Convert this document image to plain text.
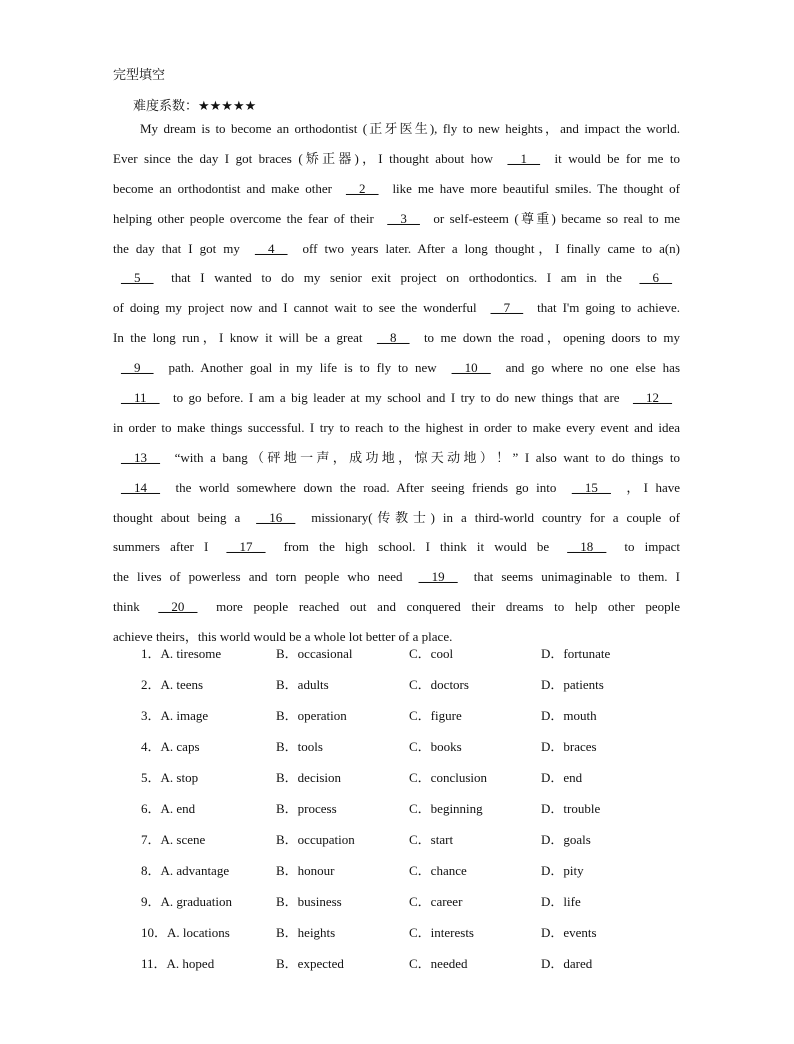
完型填空
难度系数：★★★★★
My dream is to become an orthodontist (正牙医生), fly to new heights，and impact the world.
Ever since the day I got braces (矫正器)，I thought about how __1__ it would be for me to
become an orthodontist and make other __2__ like me have more beautiful smiles. The thought of
helping other people overcome the fear of their __3__ or self-esteem (尊重) became so real to me
the day that I got my __4__ off two years later. After a long thought，I finally came to a(n)
__5__ that I wanted to do my senior exit project on orthodontics. I am in the __6__
of doing my project now and I cannot wait to see the wonderful __7__ that I'm going to achieve.
In the long run，I know it will be a great __8__ to me down the road，opening doors to my
__9__ path. Another goal in my life is to fly to new __10__ and go where no one else has
__11__ to go before. I am a big leader at my school and I try to do new things that are __12__
in order to make things successful. I try to reach to the highest in order to make every event and idea
__13__ “with a bang（砰地一声，成功地，惊天动地）！” I also want to do things to
__14__ the world somewhere down the road. After seeing friends go into __15__ ，I have
thought about being a __16__ missionary(传教士) in a third-world country for a couple of
summers after I __17__ from the high school. I think it would be __18__ to impact
the lives of powerless and torn people who need __19__ that seems unimaginable to them. I
think __20__ more people reached out and conquered their dreams to help other people
achieve theirs，this world would be a whole lot better of a place.
1．A. tiresome	B．occasional	C．cool	D．fortunate
2．A. teens	B．adults	C．doctors	D．patients
3．A. image	B．operation	C．figure	D．mouth
4．A. caps	B．tools	C．books	D．braces
5．A. stop	B．decision	C．conclusion	D．end
6．A. end	B．process	C．beginning	D．trouble
7．A. scene	B．occupation	C．start	D．goals
8．A. advantage	B．honour	C．chance	D．pity
9．A. graduation	B．business	C．career	D．life
10．A. locations	B．heights	C．interests	D．events
11．A. hoped	B．expected	C．needed	D．dared
